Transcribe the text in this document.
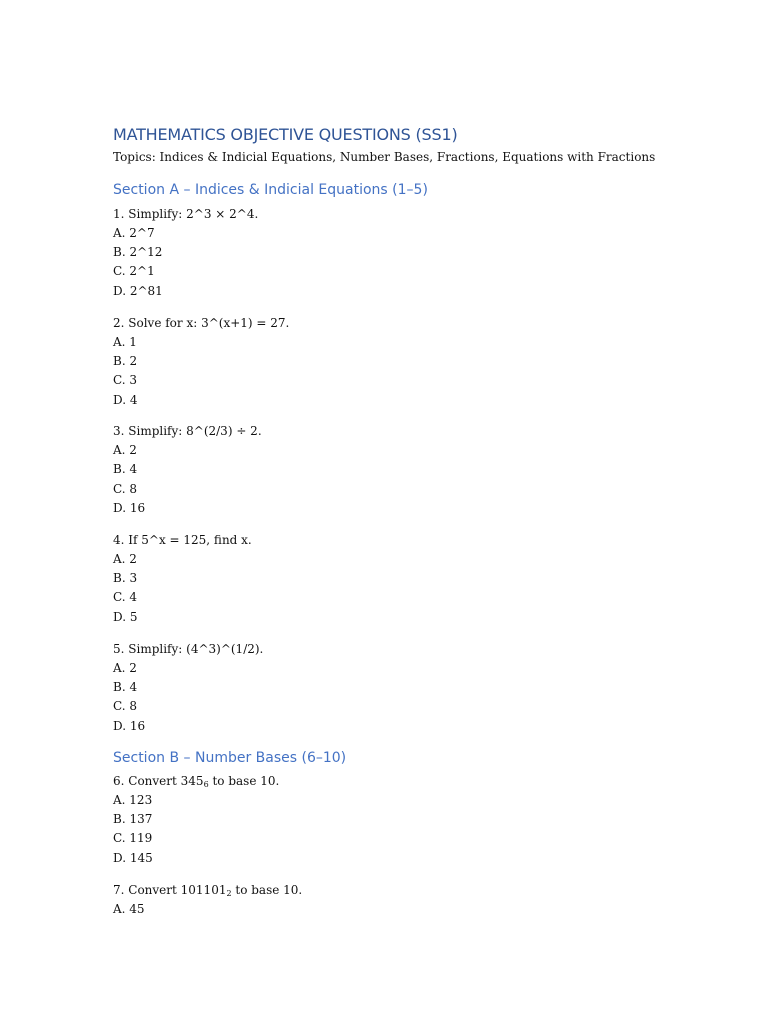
MATHEMATICS OBJECTIVE QUESTIONS (SS1)

Topics: Indices & Indicial Equations, Number Bases, Fractions, Equations with Fractions

Section A – Indices & Indicial Equations (1–5)

1. Simplify: 2^3 × 2^4.

A. 2^7

B. 2^12

C. 2^1

D. 2^81

2. Solve for x: 3^(x+1) = 27.

A. 1

B. 2

C. 3

D. 4

3. Simplify: 8^(2/3) ÷ 2.

A. 2

B. 4

C. 8

D. 16

4. If 5^x = 125, find x.

A. 2

B. 3

C. 4

D. 5

5. Simplify: (4^3)^(1/2).

A. 2

B. 4

C. 8

D. 16

Section B – Number Bases (6–10)

6. Convert 3456 to base 10.

A. 123

B. 137

C. 119

D. 145

7. Convert 1011012 to base 10.

A. 45
